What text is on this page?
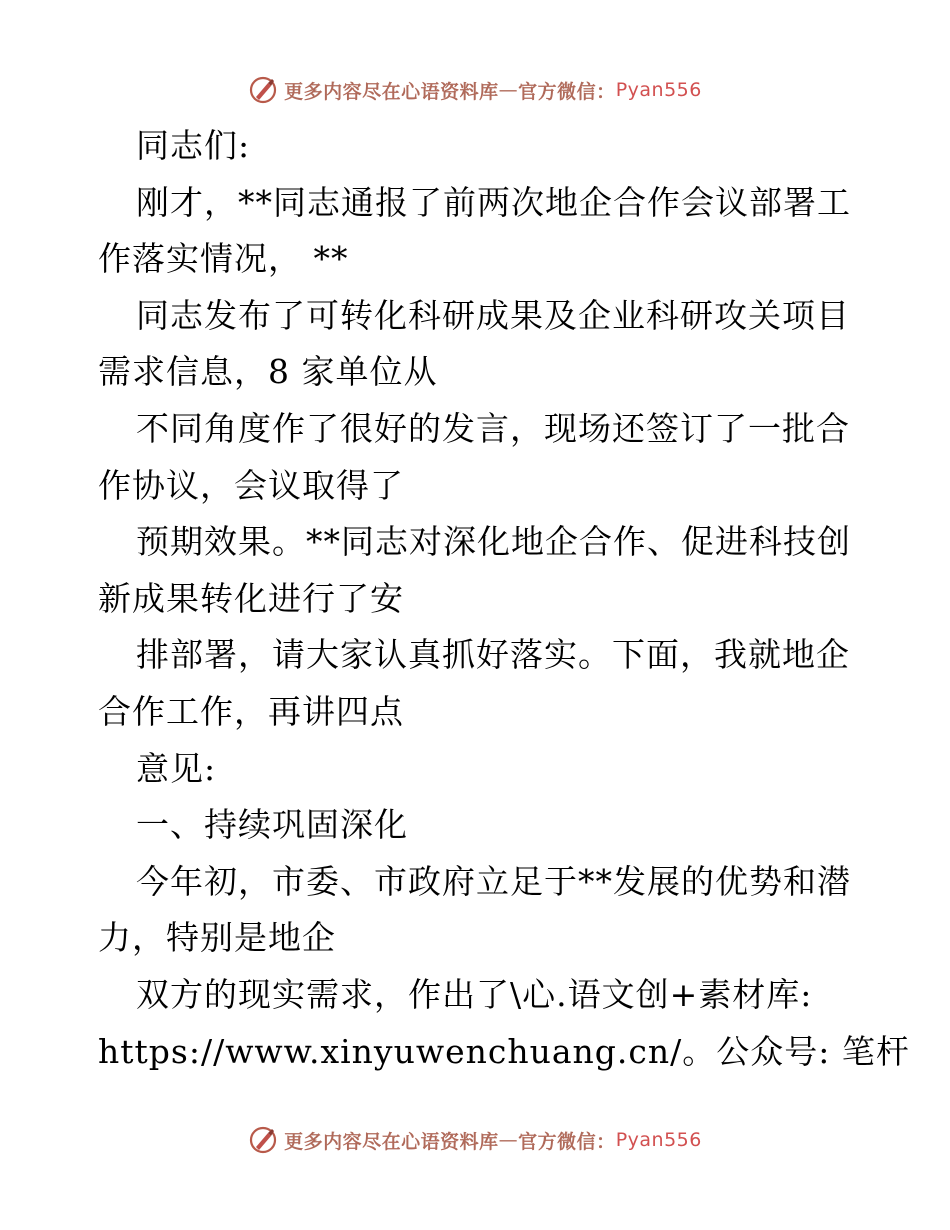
更多内容尽在心语资料库 — 官方微信： Pyan556
同志们:
刚才，**同志通报了前两次地企合作会议部署工
作落实情况， **
同志发布了可转化科研成果及企业科研攻关项目
需求信息，8 家单位从
不同角度作了很好的发言，现场还签订了一批合
作协议，会议取得了
预期效果。**同志对深化地企合作、促进科技创
新成果转化进行了安
排部署，请大家认真抓好落实。下面，我就地企
合作工作，再讲四点
意见:
一、持续巩固深化
今年初，市委、市政府立足于**发展的优势和潜
力，特别是地企
双方的现实需求，作出了\心.语文创+素材库:
https://www.xinyuwenchuang.cn/。公众号: 笔杆
更多内容尽在心语资料库 — 官方微信： Pyan556
